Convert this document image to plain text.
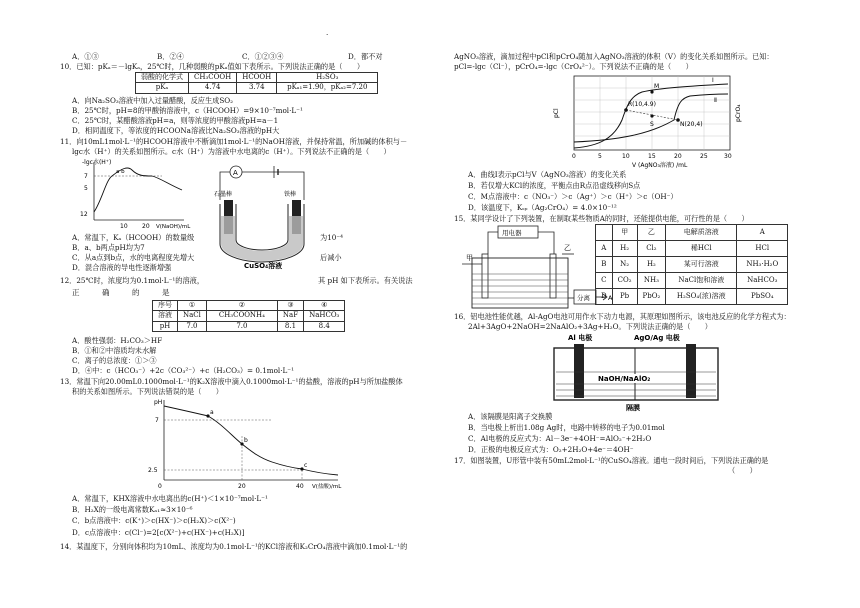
.
A．①③	B．②④	C．①②③④	D．都不对
10．已知：pKₐ＝－lgKₐ，25℃时，几种弱酸的pKₐ值如下表所示。下列说法正确的是（　　）
弱酸的化学式	CH₃COOH	HCOOH	H₂SO₃
pKₐ	4.74	3.74	pKₐ₁=1.90，pKₐ₂=7.20
A．向Na₂SO₃溶液中加入过量醋酸，反应生成SO₂
B．25℃时，pH=8的甲酸钠溶液中，c（HCOOH）=9×10⁻⁷mol·L⁻¹
C．25℃时，某醋酸溶液pH=a，则等浓度的甲酸溶液pH=a－1
D．相同温度下，等浓度的HCOONa溶液比Na₂SO₃溶液的pH大
11．向10mL1mol·L⁻¹的HCOOH溶液中不断滴加1mol·L⁻¹的NaOH溶液，并保持常温，所加碱的体积与－
lgc水（H⁺）的关系如图所示。c水（H⁺）为溶液中水电离的c（H⁺）。下列说法不正确的是（　　）
-lgc水(H⁺)
7
5
12
a b
10 20 V(NaOH)/mL
A
石墨棒	铁棒
CuSO₄溶液
A．常温下，Kₐ（HCOOH）的数量级	为10⁻⁴
B．a、b两点pH均为7
C．从a点到b点，水的电离程度先增大	后减小
D．混合溶液的导电性逐渐增强
12．25℃时，浓度均为0.1mol·L⁻¹的溶液，	其 pH 如下表所示。有关说法
正　　　确　　　的　　　是
序号	①	②	③	④
溶液	NaCl	CH₃COONH₄	NaF	NaHCO₃
pH	7.0	7.0	8.1	8.4
A．酸性强弱：H₂CO₃＞HF
B．①和②中溶质均未水解
C．离子的总浓度：①＞③
D．④中：c（HCO₃⁻）+2c（CO₃²⁻）+c（H₂CO₃）= 0.1mol·L⁻¹
13．常温下向20.00mL0.1000mol·L⁻¹的K₂X溶液中滴入0.1000mol·L⁻¹的盐酸，溶液的pH与所加盐酸体
积的关系如图所示。下列说法错误的是（　　）
pH
7
2.5
a
b
c
0	20	40 V(盐酸)/mL
A．常温下，KHX溶液中水电离出的c(H⁺)＜1×10⁻⁷mol·L⁻¹
B．H₂X的一级电离常数Kₐ₁≈3×10⁻⁶
C．b点溶液中：c(K⁺)＞c(HX⁻)＞c(H₂X)＞c(X²⁻)
D．c点溶液中：c(Cl⁻)=2[c(X²⁻)+c(HX⁻)+c(H₂X)]
14．某温度下，分别向体积均为10mL、浓度均为0.1mol·L⁻¹的KCl溶液和K₂CrO₄溶液中滴加0.1mol·L⁻¹的
AgNO₃溶液，滴加过程中pCl和pCrO₄随加入AgNO₃溶液的体积（V）的变化关系如图所示。已知：
pCl=-lgc（Cl⁻），pCrO₄=-lgc（CrO₄²⁻）。下列说法不正确的是（　　）
pCl	pCrO₄
M
R(10,4.9)
S	N(20,4)
Ⅰ
Ⅱ
0	5	10	15	20	25	30
V (AgNO₃溶液) /mL
A．曲线Ⅰ表示pCl与V（AgNO₃溶液）的变化关系
B．若仅增大KCl的浓度，平衡点由R点沿虚线移向S点
C．M点溶液中：c（NO₃⁻）＞c（Ag⁺）＞c（H⁺）＞c（OH⁻）
D．该温度下，Kₛₚ（Ag₂CrO₄）= 4.0×10⁻¹²
15．某同学设计了下列装置，在制取某些物质A的同时，还能提供电能，可行性的是（　　）
用电器
甲
乙
分离	A
	甲	乙	电解质溶液	A
A	H₂	Cl₂	稀HCl	HCl
B	N₂	H₂	某可行溶液	NH₃·H₂O
C	CO₂	NH₃	NaCl饱和溶液	NaHCO₃
D	Pb	PbO₂	H₂SO₄(浓)溶液	PbSO₄
16．铝电池性能优越，Al-AgO电池可用作水下动力电源，其原理如图所示，该电池反应的化学方程式为：
2Al+3AgO+2NaOH=2NaAlO₂+3Ag+H₂O。下列说法正确的是（　　）
Al 电极	AgO/Ag 电极
NaOH/NaAlO₂
隔膜
A．该隔膜是阳离子交换膜
B．当电极上析出1.08g Ag时，电路中转移的电子为0.01mol
C．Al电极的反应式为：Al－3e⁻+4OH⁻=AlO₂⁻+2H₂O
D．正极的电极反应式为：O₂+2H₂O+4e⁻＝4OH⁻
17．如图装置，U形管中装有50mL2mol·L⁻¹的CuSO₄溶液。通电一段时间后，下列说法正确的是
（　　）
